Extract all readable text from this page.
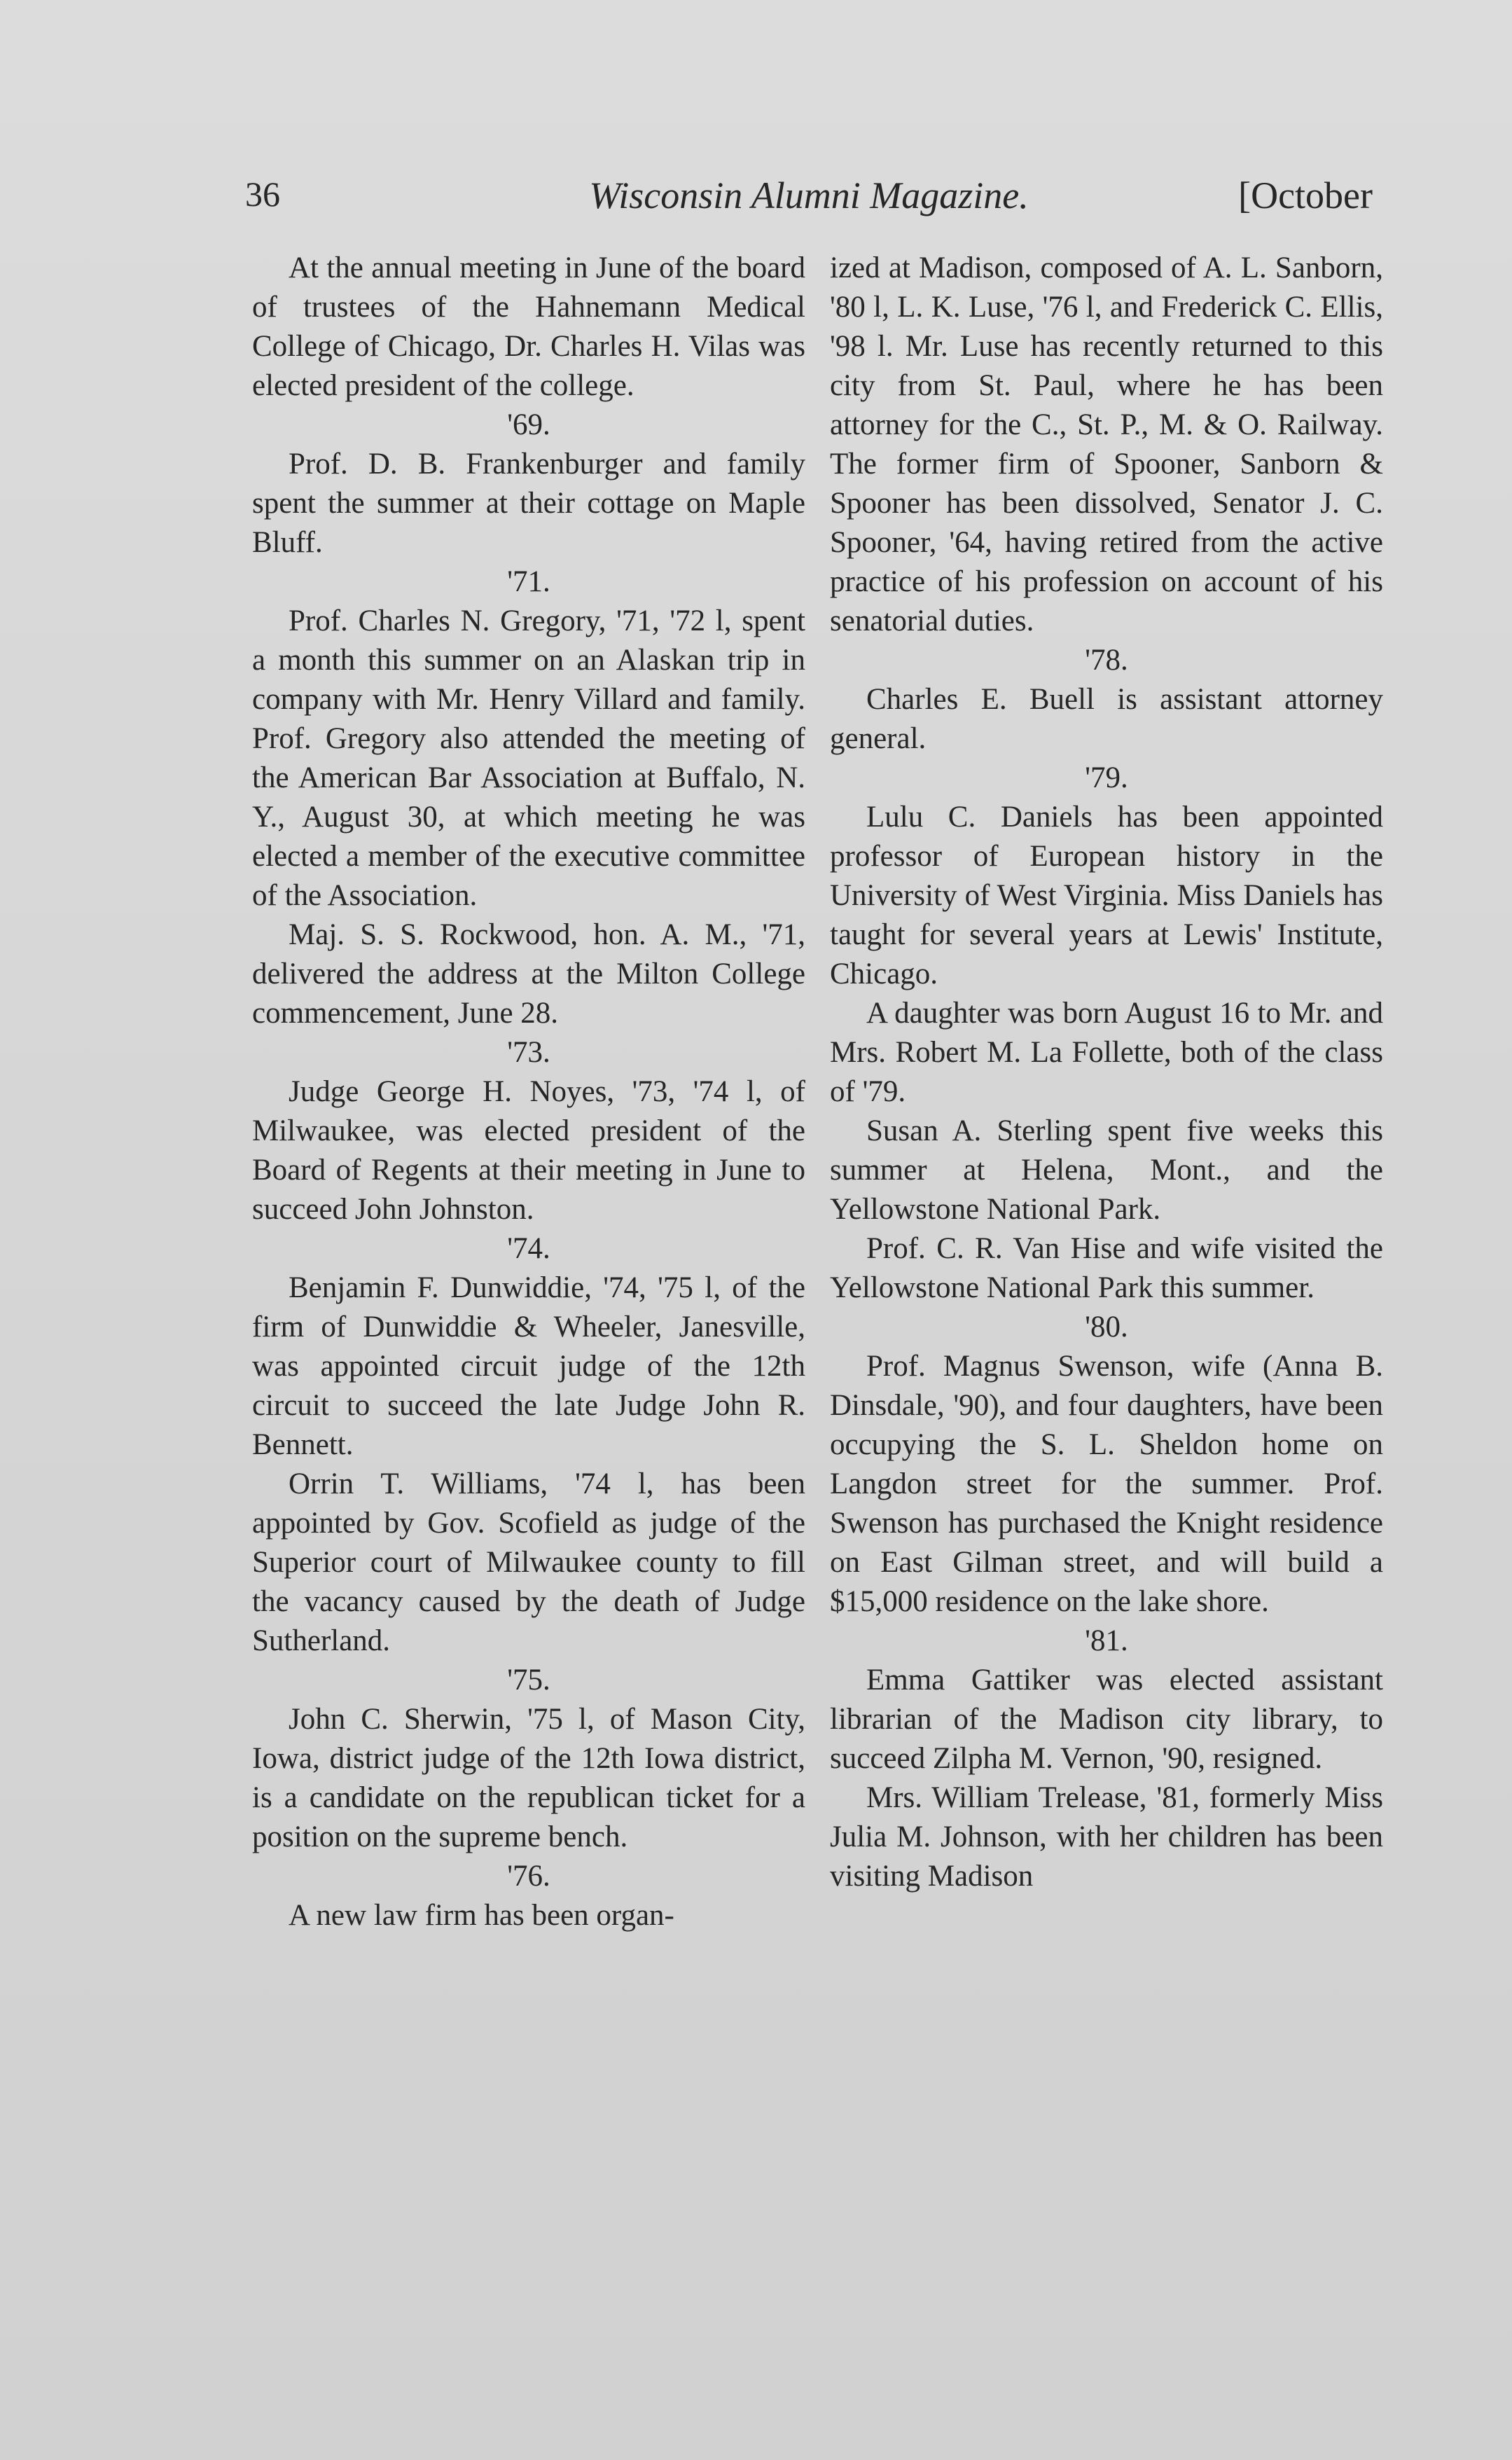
36	Wisconsin Alumni Magazine.	[October

At the annual meeting in June of the board of trustees of the Hahnemann Medical College of Chicago, Dr. Charles H. Vilas was elected president of the college.

'69.

Prof. D. B. Frankenburger and family spent the summer at their cottage on Maple Bluff.

'71.

Prof. Charles N. Gregory, '71, '72 l, spent a month this summer on an Alaskan trip in company with Mr. Henry Villard and family. Prof. Gregory also attended the meeting of the American Bar Association at Buffalo, N. Y., August 30, at which meeting he was elected a member of the executive committee of the Association.

Maj. S. S. Rockwood, hon. A. M., '71, delivered the address at the Milton College commencement, June 28.

'73.

Judge George H. Noyes, '73, '74 l, of Milwaukee, was elected president of the Board of Regents at their meeting in June to succeed John Johnston.

'74.

Benjamin F. Dunwiddie, '74, '75 l, of the firm of Dunwiddie & Wheeler, Janesville, was appointed circuit judge of the 12th circuit to succeed the late Judge John R. Bennett.

Orrin T. Williams, '74 l, has been appointed by Gov. Scofield as judge of the Superior court of Milwaukee county to fill the vacancy caused by the death of Judge Sutherland.

'75.

John C. Sherwin, '75 l, of Mason City, Iowa, district judge of the 12th Iowa district, is a candidate on the republican ticket for a position on the supreme bench.

'76.

A new law firm has been organ-

ized at Madison, composed of A. L. Sanborn, '80 l, L. K. Luse, '76 l, and Frederick C. Ellis, '98 l. Mr. Luse has recently returned to this city from St. Paul, where he has been attorney for the C., St. P., M. & O. Railway. The former firm of Spooner, Sanborn & Spooner has been dissolved, Senator J. C. Spooner, '64, having retired from the active practice of his profession on account of his senatorial duties.

'78.

Charles E. Buell is assistant attorney general.

'79.

Lulu C. Daniels has been appointed professor of European history in the University of West Virginia. Miss Daniels has taught for several years at Lewis' Institute, Chicago.

A daughter was born August 16 to Mr. and Mrs. Robert M. La Follette, both of the class of '79.

Susan A. Sterling spent five weeks this summer at Helena, Mont., and the Yellowstone National Park.

Prof. C. R. Van Hise and wife visited the Yellowstone National Park this summer.

'80.

Prof. Magnus Swenson, wife (Anna B. Dinsdale, '90), and four daughters, have been occupying the S. L. Sheldon home on Langdon street for the summer. Prof. Swenson has purchased the Knight residence on East Gilman street, and will build a $15,000 residence on the lake shore.

'81.

Emma Gattiker was elected assistant librarian of the Madison city library, to succeed Zilpha M. Vernon, '90, resigned.

Mrs. William Trelease, '81, formerly Miss Julia M. Johnson, with her children has been visiting Madison
